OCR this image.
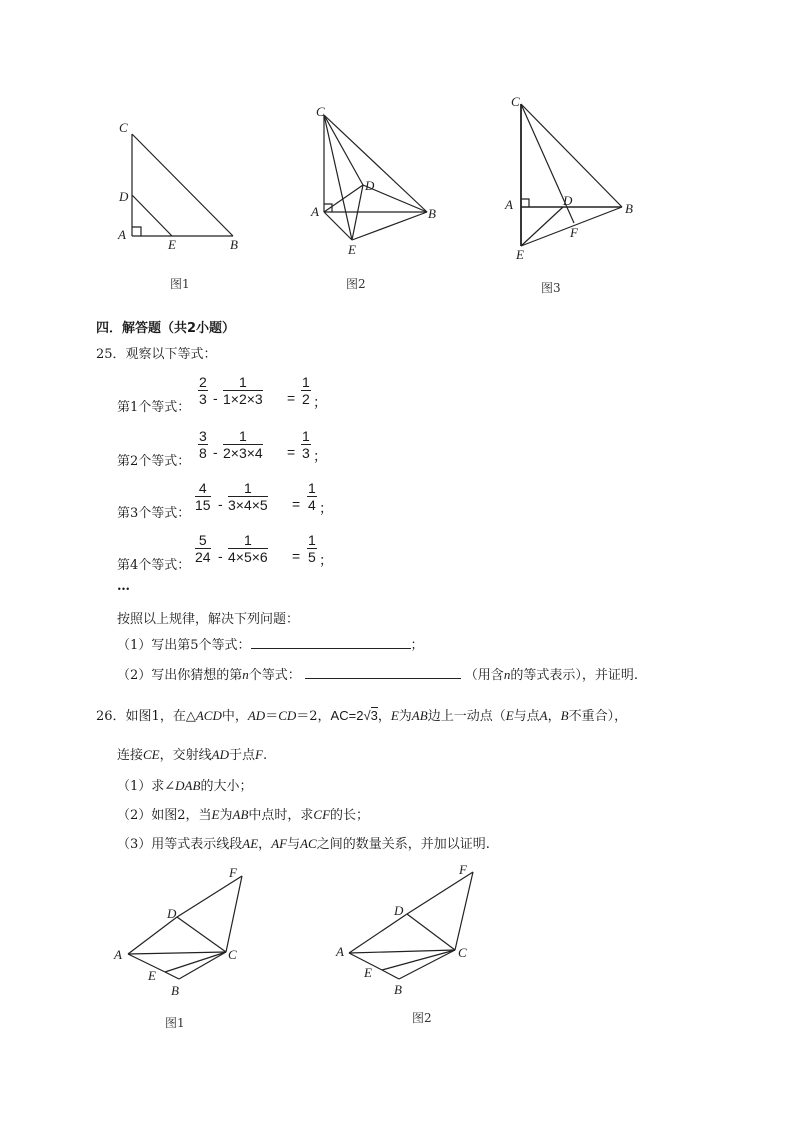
C
D
A
E	B
图1
C
D
A
E
B
图2
C
A	D
B
F
E
图3
四．解答题（共2小题）
25．观察以下等式：
第1个等式：
$\frac{2}{3} - \frac{1}{1\times 2\times 3} = \frac{1}{2}$ ；
第2个等式：
$\frac{3}{8} - \frac{1}{2\times 3\times 4} = \frac{1}{3}$ ；
第3个等式：
$\frac{4}{15} - \frac{1}{3\times 4\times 5} = \frac{1}{4}$ ；
第4个等式：
$\frac{5}{24} - \frac{1}{4\times 5\times 6} = \frac{1}{5}$ ；
…
按照以上规律，解决下列问题：
（1）写出第5个等式：	；
（2）写出你猜想的第n个等式：	（用含n的等式表示），并证明.
26．如图1，在△ACD中，AD＝CD＝2，AC=2√3，E为AB边上一动点（E与点A，B不重合），
连接CE，交射线AD于点F.
（1）求∠DAB的大小；
（2）如图2，当E为AB中点时，求CF的长；
（3）用等式表示线段AE，AF与AC之间的数量关系，并加以证明.
F
D
A	C
E
B
图1
F
D
A	C
E
B
图2
